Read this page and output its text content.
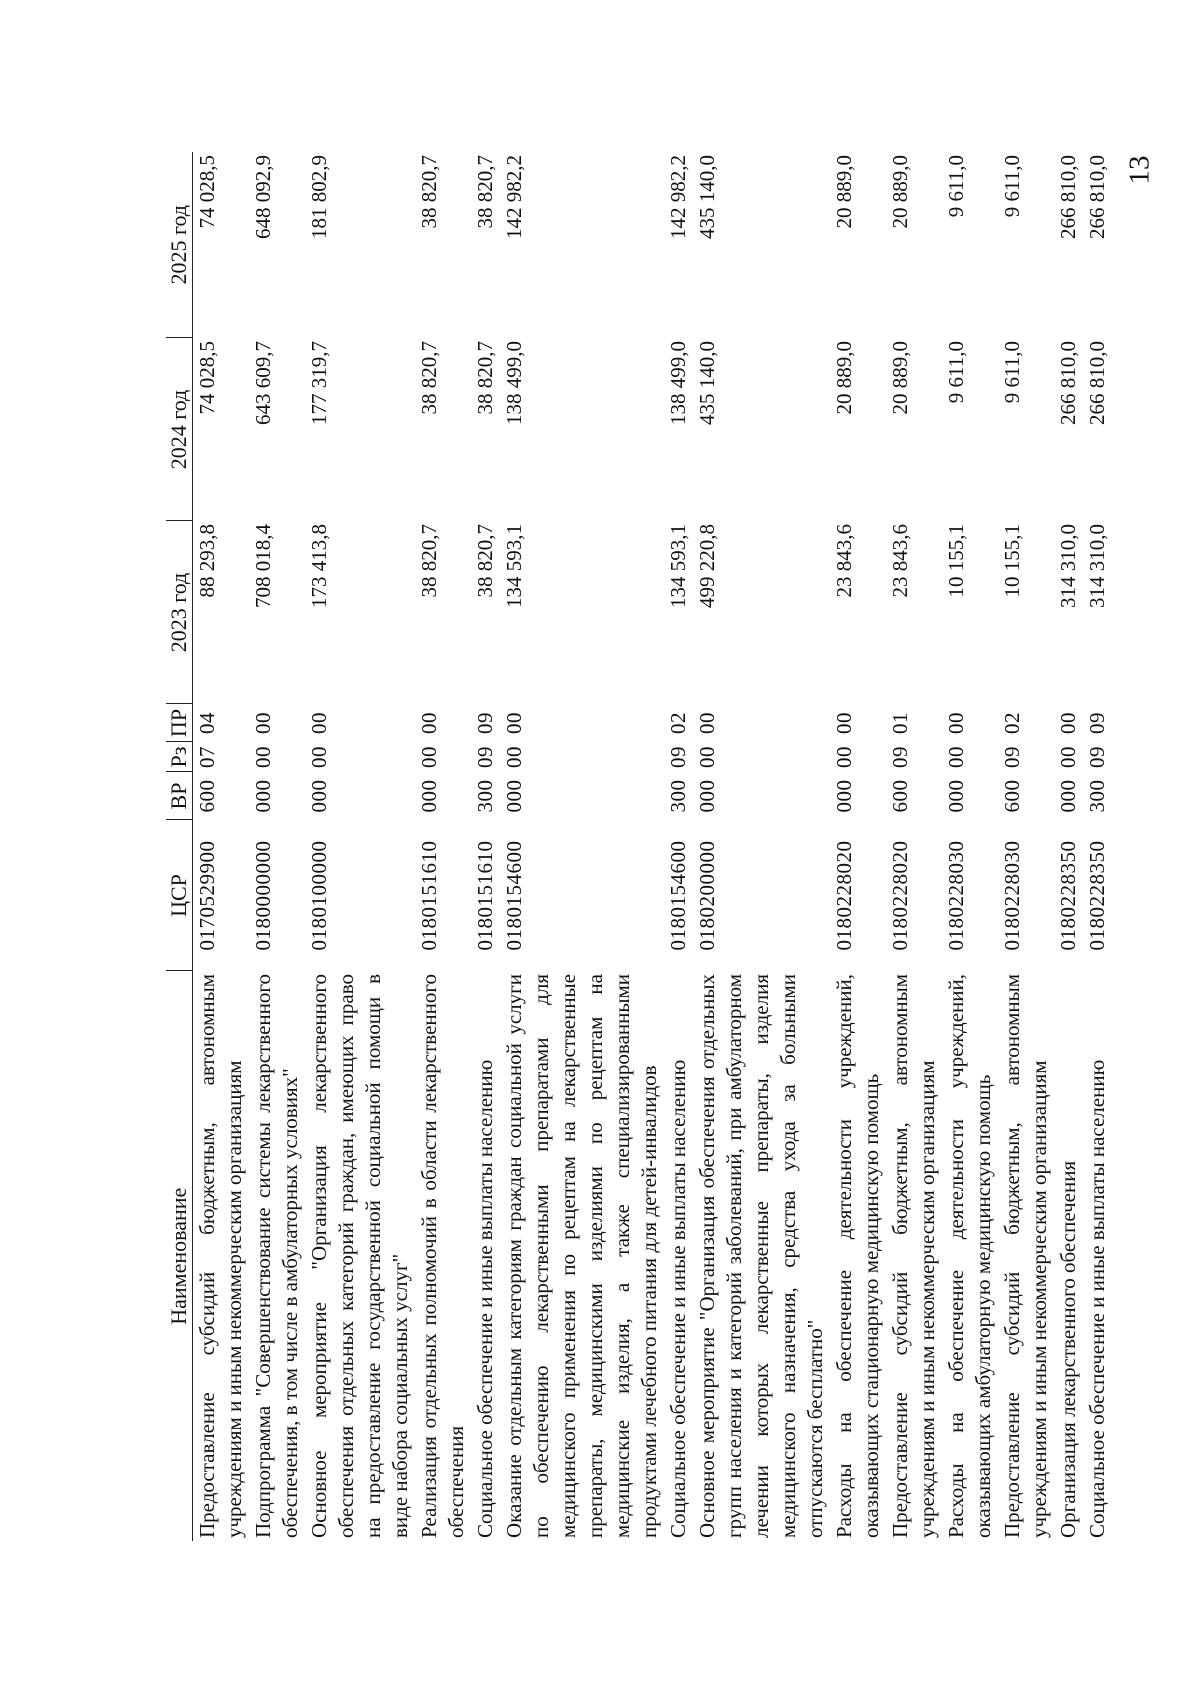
13
Наименование	ЦСР	ВР	Рз	ПР	2023 год	2024 год	2025 год
Предоставление субсидий бюджетным, автономным учреждениям и иным некоммерческим организациям	0170529900	600	07	04	88 293,8	74 028,5	74 028,5
Подпрограмма "Совершенствование системы лекарственного обеспечения, в том числе в амбулаторных условиях"	0180000000	000	00	00	708 018,4	643 609,7	648 092,9
Основное мероприятие "Организация лекарственного обеспечения отдельных категорий граждан, имеющих право на предоставление государственной социальной помощи в виде набора социальных услуг"	0180100000	000	00	00	173 413,8	177 319,7	181 802,9
Реализация отдельных полномочий в области лекарственного обеспечения	0180151610	000	00	00	38 820,7	38 820,7	38 820,7
Социальное обеспечение и иные выплаты населению	0180151610	300	09	09	38 820,7	38 820,7	38 820,7
Оказание отдельным категориям граждан социальной услуги по обеспечению лекарственными препаратами для медицинского применения по рецептам на лекарственные препараты, медицинскими изделиями по рецептам на медицинские изделия, а также специализированными продуктами лечебного питания для детей-инвалидов	0180154600	000	00	00	134 593,1	138 499,0	142 982,2
Социальное обеспечение и иные выплаты населению	0180154600	300	09	02	134 593,1	138 499,0	142 982,2
Основное мероприятие "Организация обеспечения отдельных групп населения и категорий заболеваний, при амбулаторном лечении которых лекарственные препараты, изделия медицинского назначения, средства ухода за больными отпускаются бесплатно"	0180200000	000	00	00	499 220,8	435 140,0	435 140,0
Расходы на обеспечение деятельности учреждений, оказывающих стационарную медицинскую помощь	0180228020	000	00	00	23 843,6	20 889,0	20 889,0
Предоставление субсидий бюджетным, автономным учреждениям и иным некоммерческим организациям	0180228020	600	09	01	23 843,6	20 889,0	20 889,0
Расходы на обеспечение деятельности учреждений, оказывающих амбулаторную медицинскую помощь	0180228030	000	00	00	10 155,1	9 611,0	9 611,0
Предоставление субсидий бюджетным, автономным учреждениям и иным некоммерческим организациям	0180228030	600	09	02	10 155,1	9 611,0	9 611,0
Организация лекарственного обеспечения	0180228350	000	00	00	314 310,0	266 810,0	266 810,0
Социальное обеспечение и иные выплаты населению	0180228350	300	09	09	314 310,0	266 810,0	266 810,0
